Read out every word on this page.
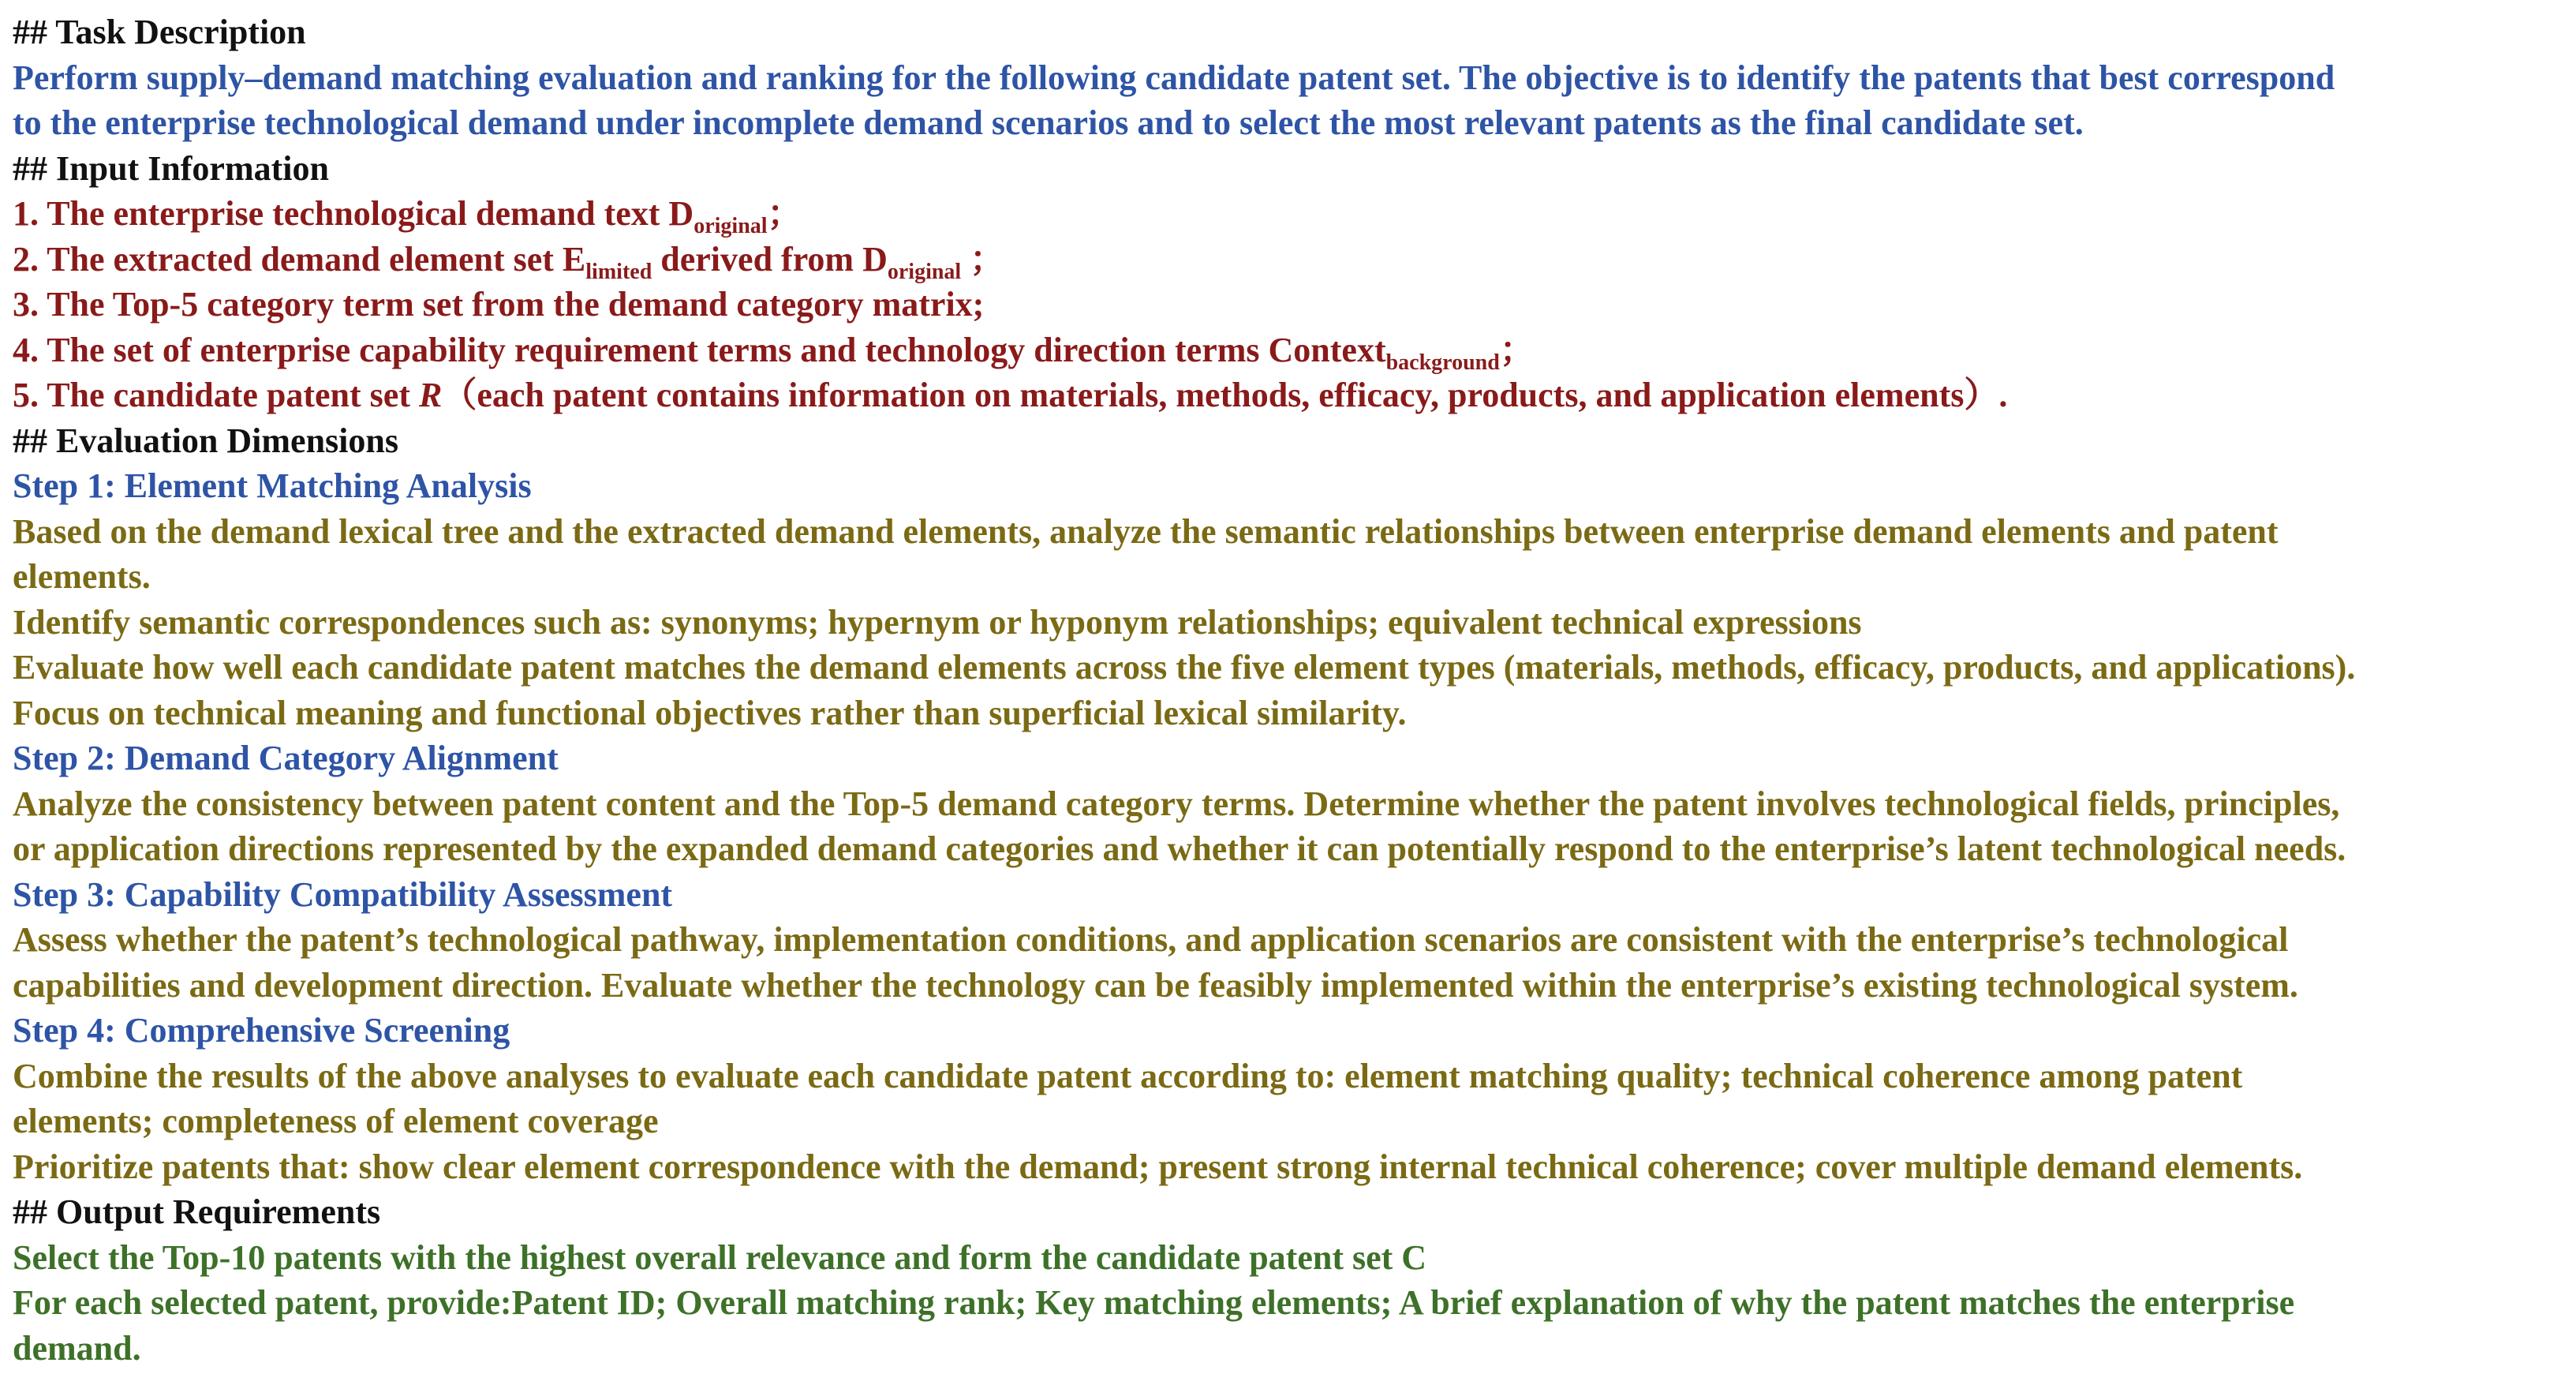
## Task Description
Perform supply–demand matching evaluation and ranking for the following candidate patent set. The objective is to identify the patents that best correspond
to the enterprise technological demand under incomplete demand scenarios and to select the most relevant patents as the final candidate set.
## Input Information
1. The enterprise technological demand text $D_{original}$；
2. The extracted demand element set $E_{limited}$ derived from $D_{original}$ ；
3. The Top-5 category term set from the demand category matrix;
4. The set of enterprise capability requirement terms and technology direction terms Context$_{background}$；
5. The candidate patent set R（each patent contains information on materials, methods, efficacy, products, and application elements）.
## Evaluation Dimensions
Step 1: Element Matching Analysis
Based on the demand lexical tree and the extracted demand elements, analyze the semantic relationships between enterprise demand elements and patent
elements.
Identify semantic correspondences such as: synonyms; hypernym or hyponym relationships; equivalent technical expressions
Evaluate how well each candidate patent matches the demand elements across the five element types (materials, methods, efficacy, products, and applications).
Focus on technical meaning and functional objectives rather than superficial lexical similarity.
Step 2: Demand Category Alignment
Analyze the consistency between patent content and the Top-5 demand category terms. Determine whether the patent involves technological fields, principles,
or application directions represented by the expanded demand categories and whether it can potentially respond to the enterprise’s latent technological needs.
Step 3: Capability Compatibility Assessment
Assess whether the patent’s technological pathway, implementation conditions, and application scenarios are consistent with the enterprise’s technological
capabilities and development direction. Evaluate whether the technology can be feasibly implemented within the enterprise’s existing technological system.
Step 4: Comprehensive Screening
Combine the results of the above analyses to evaluate each candidate patent according to: element matching quality; technical coherence among patent
elements; completeness of element coverage
Prioritize patents that: show clear element correspondence with the demand; present strong internal technical coherence; cover multiple demand elements.
## Output Requirements
Select the Top-10 patents with the highest overall relevance and form the candidate patent set C
For each selected patent, provide:Patent ID; Overall matching rank; Key matching elements; A brief explanation of why the patent matches the enterprise
demand.
